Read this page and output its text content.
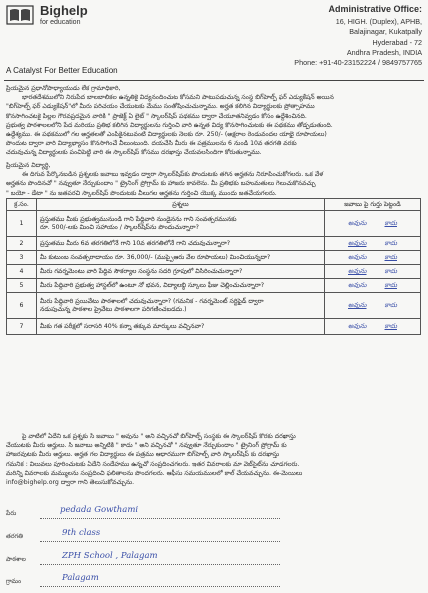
Bighelp
for education
A Catalyst For Better Education
Administrative Office:
16, HIGH. (Duplex), APHB,
Balajinagar, Kukatpally
Hyderabad - 72
Andhra Pradesh, INDIA
Phone: +91-40-23152224 / 9849757765

ప్రియమైన ప్రధానోపాధ్యాయుడు లేక గ్రామాధికారి,

భారతదేశములోని నిరుపేద బాలబాలికల ఉన్నతికై విద్యనందించుట కోసమని పాటుపడుచున్న సంస్థ బిగ్‌హెల్ప్ ఫర్ ఎడ్యుకేషన్ అయిన

"బిగ్‌హెల్ప్ ఫర్ ఎడ్యుకేషన్"లో మీరు పరిచయం చేయుటకు మేము సంతోషించుచున్నాము. అర్హత కలిగిన విద్యార్థులకు ప్రోత్సాహము

కొనసాగించటకై పిల్లల గౌరవప్రదమైన వారికి " ప్రాజెక్ట్ ఏ లైట్ " స్కాలర్‌షిప్‌ పథకము ద్వారా చేయూతనివ్వడం కోసం ఉద్దేశించినది.

ప్రభుత్వ పాఠశాలలలోని పేద మరియు ప్రతిభ కలిగిన విద్యార్థులను గుర్తించి వారి ఉన్నత విద్య కొనసాగించుటకు ఈ పథకము తోడ్పడుతుంది.

ఉద్దేశ్యము. ఈ పథకములో గల అర్హతలతో ఎంపికైనటువంటి విద్యార్థులకు నెలకు రూ. 250/- (అక్షరాల రెండువందల యాభై రూపాయలు)

పొందుట ద్వారా వారి విద్యాభ్యాసం కొనసాగించే వీలుంటుంది. దయచేసి మీరు ఈ పత్రములను 6 నుండి 10వ తరగతి వరకు

చదువుచున్న విద్యార్థులకు పంచిపెట్టి వారి ఈ స్కాలర్‌షిప్ కోసము దరఖాస్తు చేయవలసిందిగా కోరుతున్నాము.

ప్రియమైన విద్యార్థి,

ఈ దిగువ పేర్కొనబడిన ప్రశ్నలకు జవాబు ఇవ్వడం ద్వారా స్కాలర్‌షిప్‌కు పొందుటకు తగిన అర్హతను నిరూపించుకోగలరు. ఒక వేళ

అర్హతను పొందినచో " నవ్వుతూ నేర్చుకుందాం " ట్రైనింగ్‌ ప్రోగ్రామ్ కు హాజరు కావలెను. మీ ప్రతిభకు బహుమతులు గెలుచుకొనవచ్చు

" బయో - డేటా " ను జతపరచి స్కాలర్‌షిప్ పొందుటకు వీలుగల అర్హతను గుర్తించి యొక్క ముందు జతచేయగలరు.

క్ర.సం.	ప్రశ్నలు	జవాబు పై గుర్తు పెట్టండి
1	ప్రస్తుతము మీకు ప్రభుత్వమునుండి గాని పేద్దివారి నుండైనను గాని సంవత్సరమునకు
రూ. 500/-లకు మించి సహాయం / స్కాలర్‌షిప్‌ను పొందుచున్నారా?	అవును కాదు
2	ప్రస్తుతము మీరు 6వ తరగతిలోనే గాని 10వ తరగతిలోనే గాని చదువుచున్నారా?	అవును కాదు
3	మీ కుటుంబ సంవత్సరాదాయం రూ. 36,000/- (ముప్పైఆరు వేల రూపాయలు) మించియున్నదా?	అవును కాదు
4	మీరు గవర్నమెంటు వారి పేద్దివ సౌకర్యాల సంస్థను సదరి గ్రూపులో విసిరించుచున్నారా?	అవును కాదు
5	మీరు పేద్దివారి ప్రభుత్వ హాస్టల్‌లో ఉంటూ నో భవన, విద్యాలబ్ధి స్కూలు ఫీజు చెల్లించుచున్నారా?	అవును కాదు
6	మీరు పేద్దివారి ప్రయివేటు పాఠశాలలో చదువుచున్నారా? (గమనిక - గవర్నమెంట్ సర్టిఫైడ్ ద్వారా
నడుపుచున్న పాఠశాల ప్రైవేటు పాఠశాలగా పరిగణించబడదు.)	అవును కాదు
7	మీకు గత పరీక్షలో సరాసరి 40% కన్నా తక్కువ మార్కులు వచ్చినవా?	అవును కాదు

పై వాటిలో ఏదేని ఒక ప్రశ్నకు సి జవాబు " అవును " అని వచ్చినచో బిగ్‌హెల్ప్ సంస్థకు ఈ స్కాలర్‌షిప్ కొరకు దరఖాస్తు

చేయుటకు మీరు అర్హులు. సి జవాబు అన్నిటికి " కాదు " అని వచ్చినచో " నవ్వుతూ నేర్చుకుందాం " ట్రైనింగ్ ప్రోగ్రామ్ కు

హాజరవుటకు మీరు అర్హులు. అర్హత గల విద్యార్థులు ఈ పత్రము ఆధారముగా బిగ్‌హెల్ప్ వారి స్కాలర్‌షిప్ కు దరఖాస్తు

గమనిక : విలువలు పూరించుటకు ఏదేని సందేహము ఉన్నచో సంప్రదించగలరు. ఇతర వివరాలకు మా వెబ్‌సైట్‌ను చూడగలరు.

మరిన్ని వివరాలకు మమ్ములను సంప్రదించి ఫలితాలను పొందగలరు. ఆఫీసు సమయములలో కాల్ చేయవచ్చును. ఈ-మెయిలు

info@bighelp.org ద్వారా గాని తెలుసుకోవచ్చును.

పేరు	pedada Gowthami
తరగతి	9th class
పాఠశాల	ZPH School , Palagam
గ్రామం	Palagam
